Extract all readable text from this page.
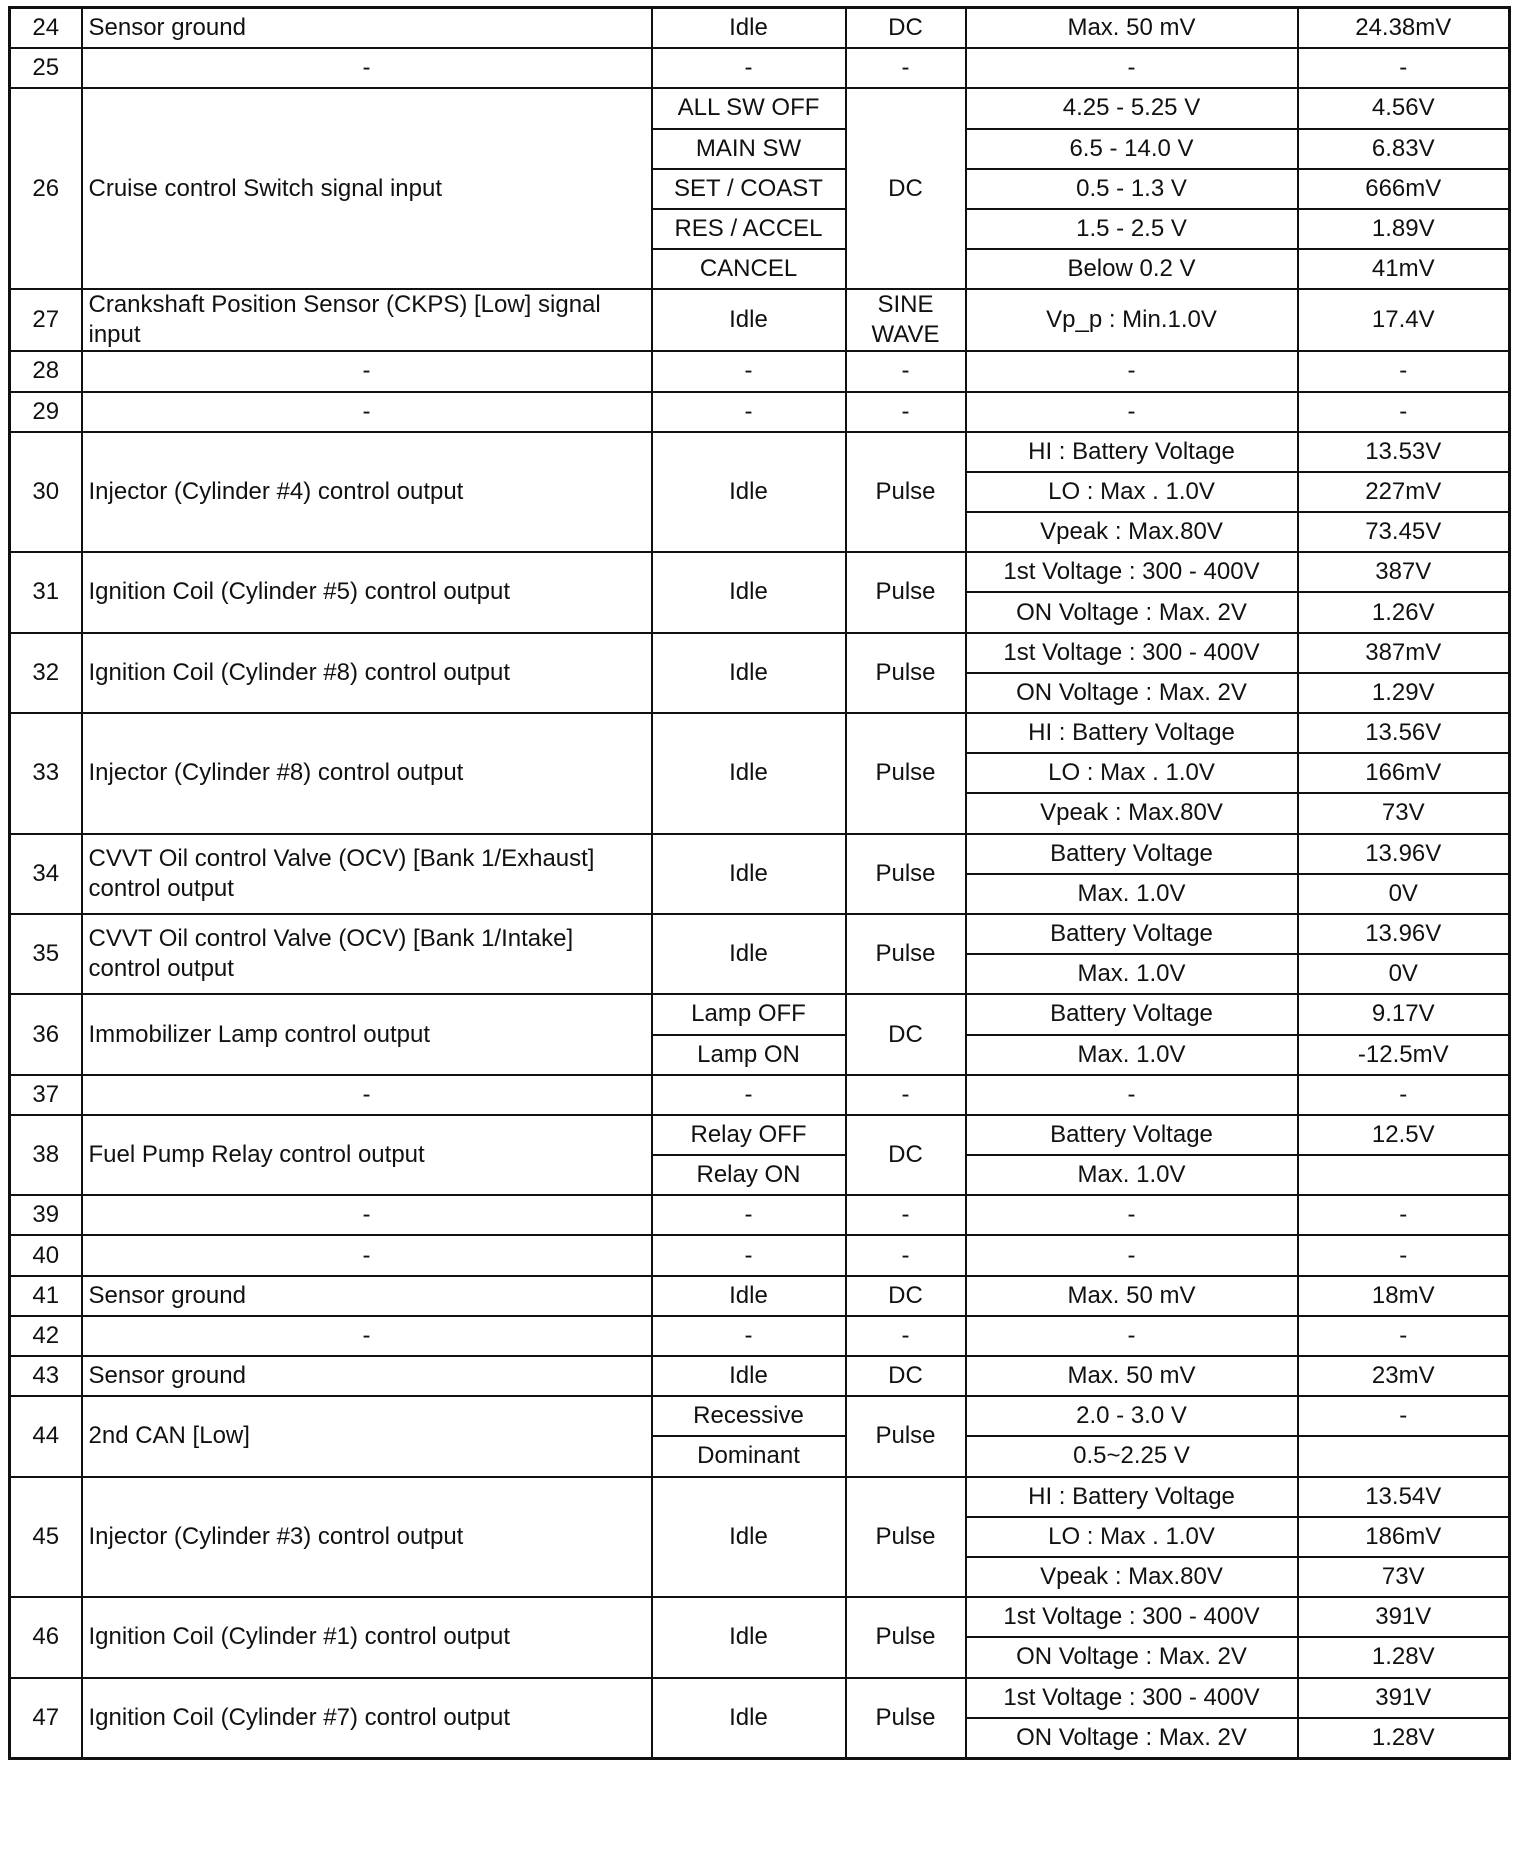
24	Sensor ground	Idle	DC	Max. 50 mV	24.38mV
25	-	-	-	-	-
26	Cruise control Switch signal input	ALL SW OFF	DC	4.25 - 5.25 V	4.56V
		MAIN SW		6.5 - 14.0 V	6.83V
		SET / COAST		0.5 - 1.3 V	666mV
		RES / ACCEL		1.5 - 2.5 V	1.89V
		CANCEL		Below 0.2 V	41mV
27	Crankshaft Position Sensor (CKPS) [Low] signal input	Idle	SINE WAVE	Vp_p : Min.1.0V	17.4V

28	-	-	-	-	-
29	-	-	-	-	-
30	Injector (Cylinder #4) control output	Idle	Pulse	HI : Battery Voltage	13.53V
				LO : Max . 1.0V	227mV
				Vpeak : Max.80V	73.45V
31	Ignition Coil (Cylinder #5) control output	Idle	Pulse	1st Voltage : 300 - 400V	387V
				ON Voltage : Max. 2V	1.26V
32	Ignition Coil (Cylinder #8) control output	Idle	Pulse	1st Voltage : 300 - 400V	387mV
				ON Voltage : Max. 2V	1.29V
33	Injector (Cylinder #8) control output	Idle	Pulse	HI : Battery Voltage	13.56V
				LO : Max . 1.0V	166mV
				Vpeak : Max.80V	73V
34	CVVT Oil control Valve (OCV) [Bank 1/Exhaust] control output	Idle	Pulse	Battery Voltage	13.96V
				Max. 1.0V	0V
35	CVVT Oil control Valve (OCV) [Bank 1/Intake] control output	Idle	Pulse	Battery Voltage	13.96V
				Max. 1.0V	0V
36	Immobilizer Lamp control output	Lamp OFF	DC	Battery Voltage	9.17V
		Lamp ON		Max. 1.0V	-12.5mV
37	-	-	-	-	-
38	Fuel Pump Relay control output	Relay OFF	DC	Battery Voltage	12.5V
		Relay ON		Max. 1.0V	
39	-	-	-	-	-
40	-	-	-	-	-
41	Sensor ground	Idle	DC	Max. 50 mV	18mV
42	-	-	-	-	-
43	Sensor ground	Idle	DC	Max. 50 mV	23mV
44	2nd CAN [Low]	Recessive	Pulse	2.0 - 3.0 V	-
		Dominant		0.5~2.25 V	
45	Injector (Cylinder #3) control output	Idle	Pulse	HI : Battery Voltage	13.54V
				LO : Max . 1.0V	186mV
				Vpeak : Max.80V	73V
46	Ignition Coil (Cylinder #1) control output	Idle	Pulse	1st Voltage : 300 - 400V	391V
				ON Voltage : Max. 2V	1.28V
47	Ignition Coil (Cylinder #7) control output	Idle	Pulse	1st Voltage : 300 - 400V	391V
				ON Voltage : Max. 2V	1.28V
